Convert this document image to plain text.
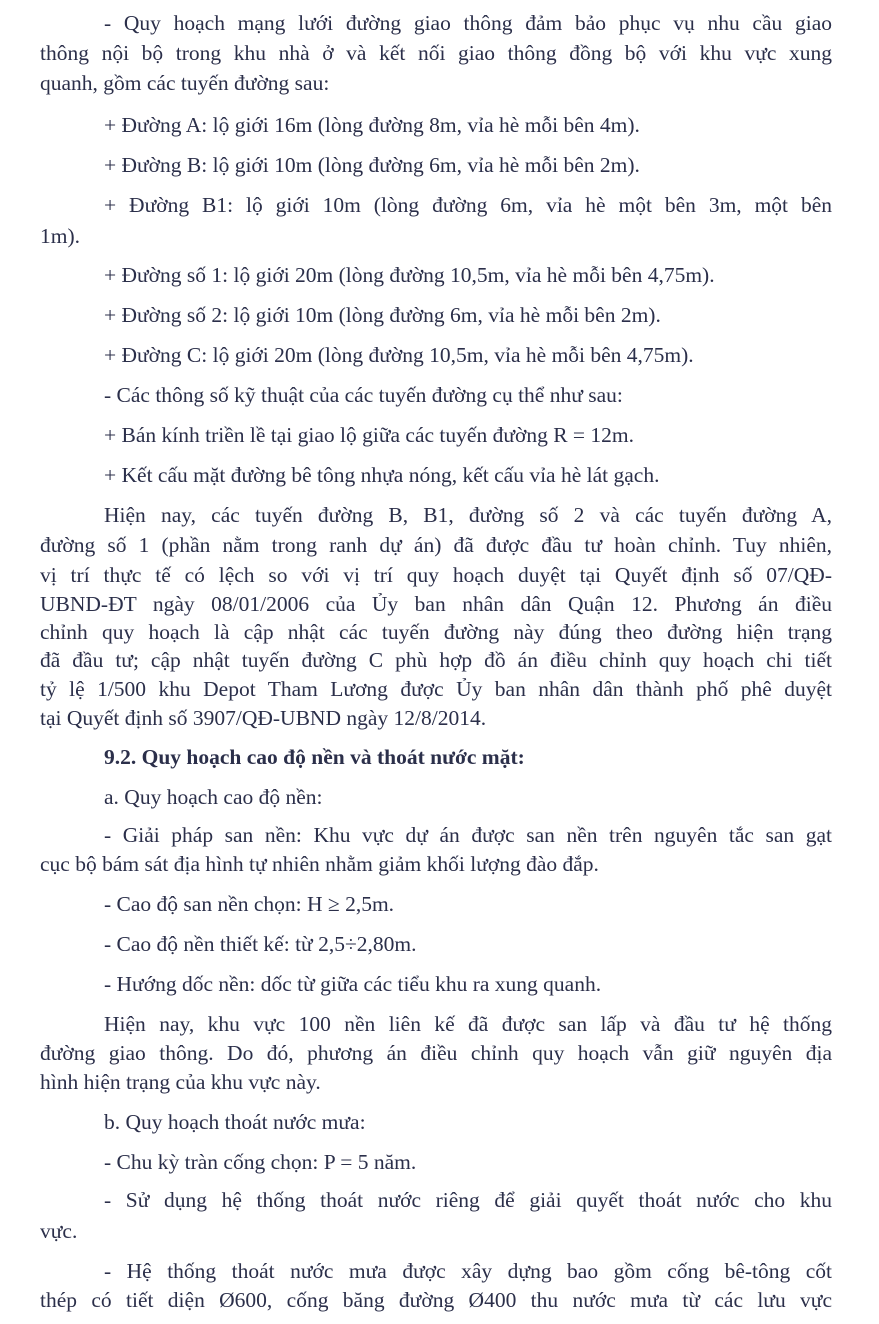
- Quy hoạch mạng lưới đường giao thông đảm bảo phục vụ nhu cầu giao

thông nội bộ trong khu nhà ở và kết nối giao thông đồng bộ với khu vực xung

quanh, gồm các tuyến đường sau:

+ Đường A: lộ giới 16m (lòng đường 8m, vỉa hè mỗi bên 4m).

+ Đường B: lộ giới 10m (lòng đường 6m, vỉa hè mỗi bên 2m).

+ Đường B1: lộ giới 10m (lòng đường 6m, vỉa hè một bên 3m, một bên

1m).

+ Đường số 1: lộ giới 20m (lòng đường 10,5m, vỉa hè mỗi bên 4,75m).

+ Đường số 2: lộ giới 10m (lòng đường 6m, vỉa hè mỗi bên 2m).

+ Đường C: lộ giới 20m (lòng đường 10,5m, vỉa hè mỗi bên 4,75m).

- Các thông số kỹ thuật của các tuyến đường cụ thể như sau:

+ Bán kính triền lề tại giao lộ giữa các tuyến đường R = 12m.

+ Kết cấu mặt đường bê tông nhựa nóng, kết cấu vỉa hè lát gạch.

Hiện nay, các tuyến đường B, B1, đường số 2 và các tuyến đường A,

đường số 1 (phần nằm trong ranh dự án) đã được đầu tư hoàn chỉnh. Tuy nhiên,

vị trí thực tế có lệch so với vị trí quy hoạch duyệt tại Quyết định số 07/QĐ-

UBND-ĐT ngày 08/01/2006 của Ủy ban nhân dân Quận 12. Phương án điều

chỉnh quy hoạch là cập nhật các tuyến đường này đúng theo đường hiện trạng

đã đầu tư; cập nhật tuyến đường C phù hợp đồ án điều chỉnh quy hoạch chi tiết

tỷ lệ 1/500 khu Depot Tham Lương được Ủy ban nhân dân thành phố phê duyệt

tại Quyết định số 3907/QĐ-UBND ngày 12/8/2014.

9.2. Quy hoạch cao độ nền và thoát nước mặt:

a. Quy hoạch cao độ nền:

- Giải pháp san nền: Khu vực dự án được san nền trên nguyên tắc san gạt

cục bộ bám sát địa hình tự nhiên nhằm giảm khối lượng đào đắp.

- Cao độ san nền chọn: H ≥ 2,5m.

- Cao độ nền thiết kế: từ 2,5÷2,80m.

- Hướng dốc nền: dốc từ giữa các tiểu khu ra xung quanh.

Hiện nay, khu vực 100 nền liên kế đã được san lấp và đầu tư hệ thống

đường giao thông. Do đó, phương án điều chỉnh quy hoạch vẫn giữ nguyên địa

hình hiện trạng của khu vực này.

b. Quy hoạch thoát nước mưa:

- Chu kỳ tràn cống chọn: P = 5 năm.

- Sử dụng hệ thống thoát nước riêng để giải quyết thoát nước cho khu

vực.

- Hệ thống thoát nước mưa được xây dựng bao gồm cống bê-tông cốt

thép có tiết diện Ø600, cống băng đường Ø400 thu nước mưa từ các lưu vực
